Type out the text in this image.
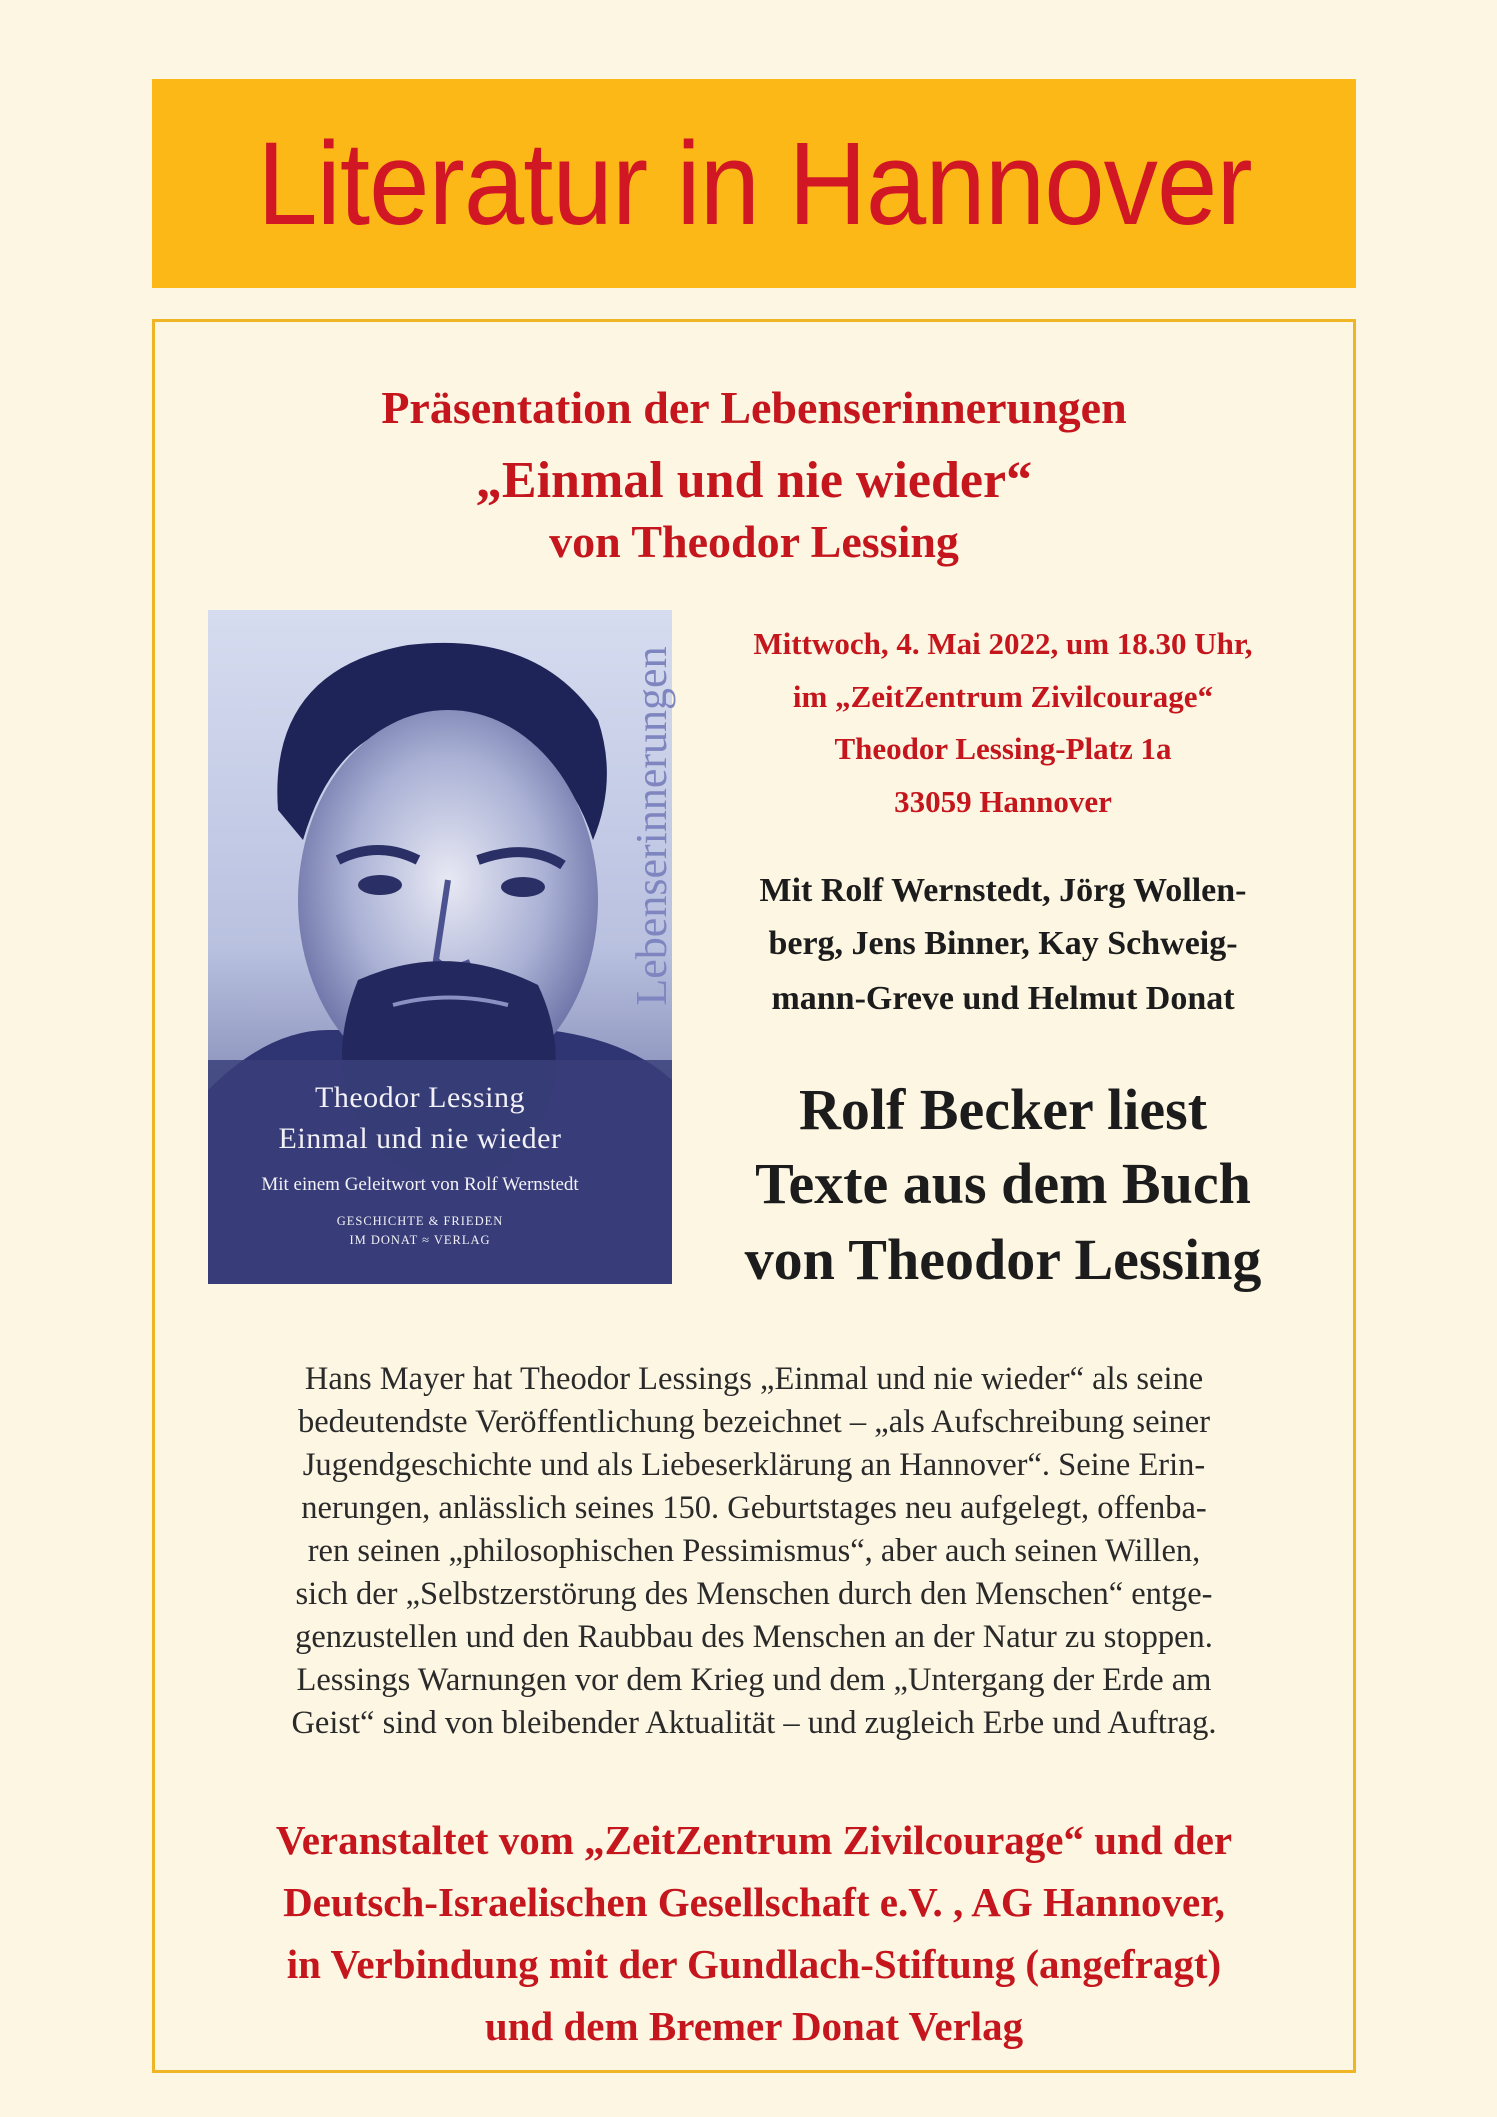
Literatur in Hannover
Präsentation der Lebenserinnerungen
„Einmal und nie wieder“
von Theodor Lessing
Lebenserinnerungen
Theodor Lessing
Einmal und nie wieder
Mit einem Geleitwort von Rolf Wernstedt
GESCHICHTE & FRIEDEN
IM DONAT ≈ VERLAG
Mittwoch, 4. Mai 2022, um 18.30 Uhr,
im „ZeitZentrum Zivilcourage“
Theodor Lessing-Platz 1a
33059 Hannover
Mit Rolf Wernstedt, Jörg Wollen-
berg, Jens Binner, Kay Schweig-
mann-Greve und Helmut Donat
Rolf Becker liest
Texte aus dem Buch
von Theodor Lessing
Hans Mayer hat Theodor Lessings „Einmal und nie wieder“ als seine
bedeutendste Veröffentlichung bezeichnet – „als Aufschreibung seiner
Jugendgeschichte und als Liebeserklärung an Hannover“. Seine Erin-
nerungen, anlässlich seines 150. Geburtstages neu aufgelegt, offenba-
ren seinen „philosophischen Pessimismus“, aber auch seinen Willen,
sich der „Selbstzerstörung des Menschen durch den Menschen“ entge-
genzustellen und den Raubbau des Menschen an der Natur zu stoppen.
Lessings Warnungen vor dem Krieg und dem „Untergang der Erde am
Geist“ sind von bleibender Aktualität – und zugleich Erbe und Auftrag.
Veranstaltet vom „ZeitZentrum Zivilcourage“ und der
Deutsch-Israelischen Gesellschaft e.V. , AG Hannover,
in Verbindung mit der Gundlach-Stiftung (angefragt)
und dem Bremer Donat Verlag
